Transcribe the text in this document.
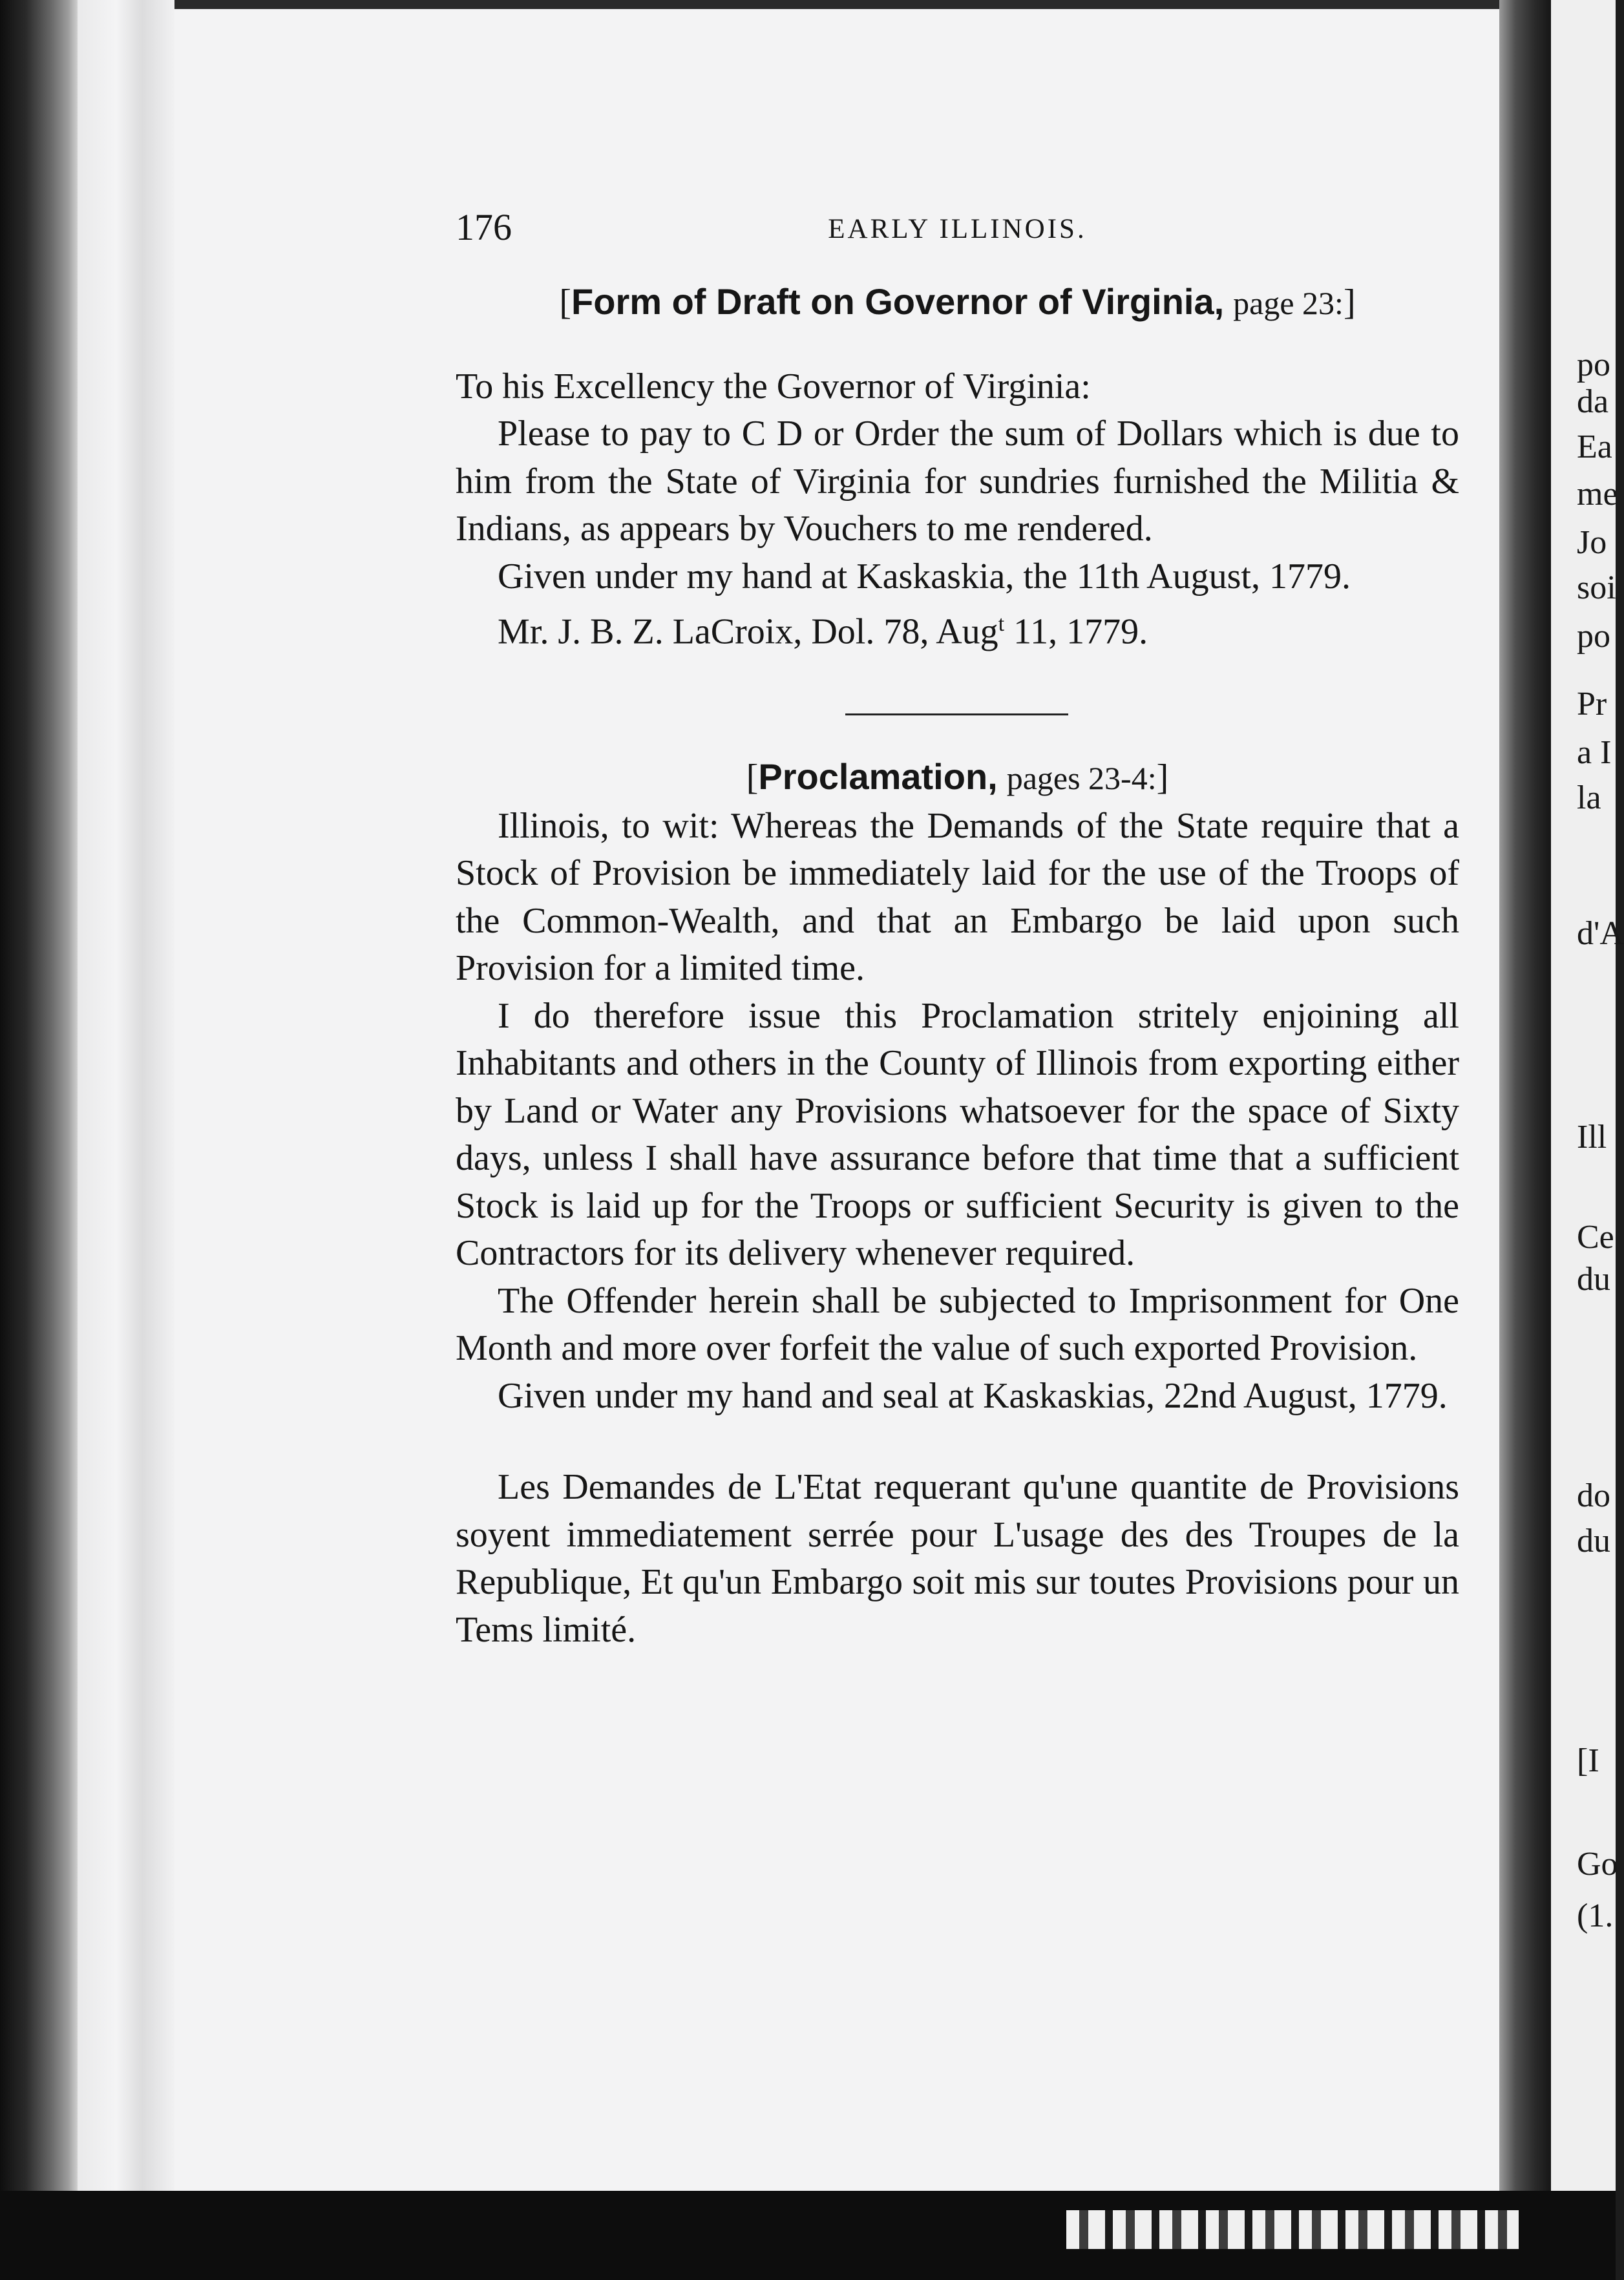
176	EARLY ILLINOIS.

[Form of Draft on Governor of Virginia, page 23:]

To his Excellency the Governor of Virginia:

Please to pay to C D or Order the sum of Dollars which is due to him from the State of Virginia for sundries furnished the Militia & Indians, as appears by Vouchers to me rendered.

Given under my hand at Kaskaskia, the 11th August, 1779.

Mr. J. B. Z. LaCroix, Dol. 78, Aug$^t$ 11, 1779.

[Proclamation, pages 23-4:]

Illinois, to wit: Whereas the Demands of the State require that a Stock of Provision be immediately laid for the use of the Troops of the Common-Wealth, and that an Embargo be laid upon such Provision for a limited time.

I do therefore issue this Proclamation stritely enjoining all Inhabitants and others in the County of Illinois from exporting either by Land or Water any Provisions whatsoever for the space of Sixty days, unless I shall have assurance before that time that a sufficient Stock is laid up for the Troops or sufficient Security is given to the Contractors for its delivery whenever required.

The Offender herein shall be subjected to Imprisonment for One Month and more over forfeit the value of such exported Provision.

Given under my hand and seal at Kaskaskias, 22nd August, 1779.

Les Demandes de L'Etat requerant qu'une quantite de Provisions soyent immediatement serrée pour L'usage des des Troupes de la Republique, Et qu'un Embargo soit mis sur toutes Provisions pour un Tems limité.

po
da
Ea
me
Jo
soi
po
Pr
a I
la
d'A
Ill
Ce
du
do
du
[I
Go
(1.
